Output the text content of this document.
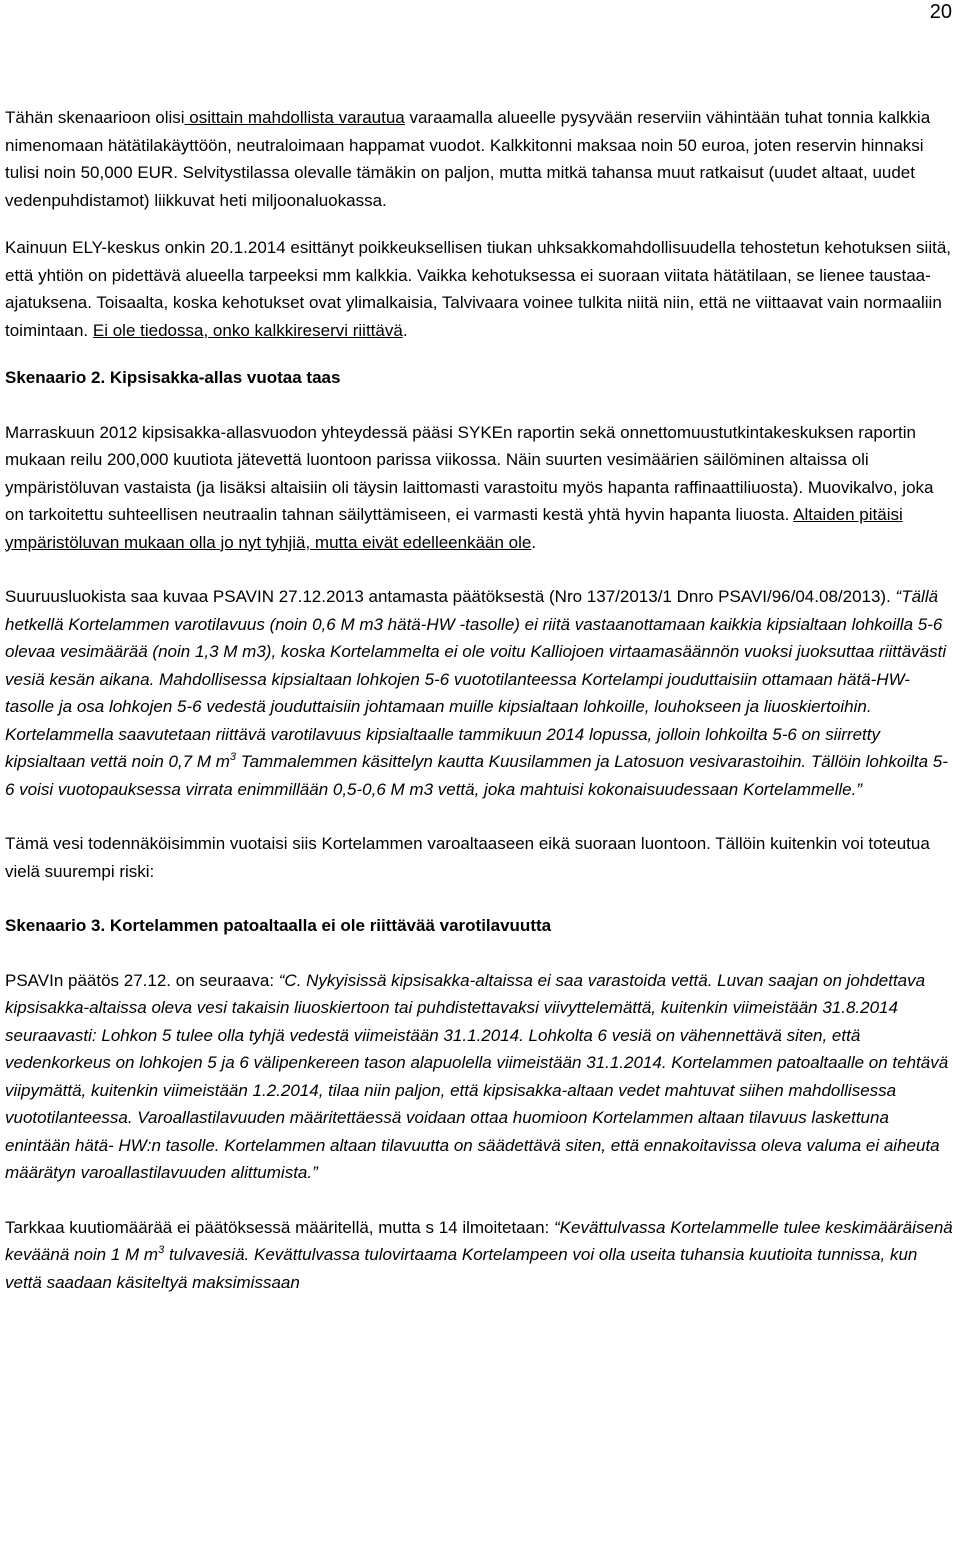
20

Tähän skenaarioon olisi osittain mahdollista varautua varaamalla alueelle pysyvään reserviin vähintään tuhat tonnia kalkkia nimenomaan hätätilakäyttöön, neutraloimaan happamat vuodot. Kalkkitonni maksaa noin 50 euroa, joten reservin hinnaksi tulisi noin 50,000 EUR. Selvitystilassa olevalle tämäkin on paljon, mutta mitkä tahansa muut ratkaisut (uudet altaat, uudet vedenpuhdistamot) liikkuvat heti miljoonaluokassa.

Kainuun ELY-keskus onkin 20.1.2014 esittänyt poikkeuksellisen tiukan uhksakkomahdollisuudella tehostetun kehotuksen siitä, että yhtiön on pidettävä alueella tarpeeksi mm kalkkia. Vaikka kehotuksessa ei suoraan viitata hätätilaan, se lienee taustaa-ajatuksena. Toisaalta, koska kehotukset ovat ylimalkaisia, Talvivaara voinee tulkita niitä niin, että ne viittaavat vain normaaliin toimintaan. Ei ole tiedossa, onko kalkkireservi riittävä.

Skenaario 2. Kipsisakka-allas vuotaa taas

Marraskuun 2012 kipsisakka-allasvuodon yhteydessä pääsi SYKEn raportin sekä onnettomuustutkintakeskuksen raportin mukaan reilu 200,000 kuutiota jätevettä luontoon parissa viikossa. Näin suurten vesimäärien säilöminen altaissa oli ympäristöluvan vastaista (ja lisäksi altaisiin oli täysin laittomasti varastoitu myös hapanta raffinaattiliuosta). Muovikalvo, joka on tarkoitettu suhteellisen neutraalin tahnan säilyttämiseen, ei varmasti kestä yhtä hyvin hapanta liuosta. Altaiden pitäisi ympäristöluvan mukaan olla jo nyt tyhjiä, mutta eivät edelleenkään ole.

Suuruusluokista saa kuvaa PSAVIN 27.12.2013 antamasta päätöksestä (Nro 137/2013/1 Dnro PSAVI/96/04.08/2013). “Tällä hetkellä Kortelammen varotilavuus (noin 0,6 M m3 hätä-HW -tasolle) ei riitä vastaanottamaan kaikkia kipsialtaan lohkoilla 5-6 olevaa vesimäärää (noin 1,3 M m3), koska Kortelammelta ei ole voitu Kalliojoen virtaamasäännön vuoksi juoksuttaa riittävästi vesiä kesän aikana. Mahdollisessa kipsialtaan lohkojen 5-6 vuototilanteessa Kortelampi jouduttaisiin ottamaan hätä-HW-tasolle ja osa lohkojen 5-6 vedestä jouduttaisiin johtamaan muille kipsialtaan lohkoille, louhokseen ja liuoskiertoihin. Kortelammella saavutetaan riittävä varotilavuus kipsialtaalle tammikuun 2014 lopussa, jolloin lohkoilta 5-6 on siirretty kipsialtaan vettä noin 0,7 M $m^3$ Tammalemmen käsittelyn kautta Kuusilammen ja Latosuon vesivarastoihin. Tällöin lohkoilta 5-6 voisi vuotopauksessa virrata enimmillään 0,5-0,6 M m3 vettä, joka mahtuisi kokonaisuudessaan Kortelammelle.”

Tämä vesi todennäköisimmin vuotaisi siis Kortelammen varoaltaaseen eikä suoraan luontoon. Tällöin kuitenkin voi toteutua vielä suurempi riski:

Skenaario 3. Kortelammen patoaltaalla ei ole riittävää varotilavuutta

PSAVIn päätös 27.12. on seuraava: “C. Nykyisissä kipsisakka-altaissa ei saa varastoida vettä. Luvan saajan on johdettava kipsisakka-altaissa oleva vesi takaisin liuoskiertoon tai puhdistettavaksi viivyttelemättä, kuitenkin viimeistään 31.8.2014 seuraavasti: Lohkon 5 tulee olla tyhjä vedestä viimeistään 31.1.2014. Lohkolta 6 vesiä on vähennettävä siten, että vedenkorkeus on lohkojen 5 ja 6 välipenkereen tason alapuolella viimeistään 31.1.2014. Kortelammen patoaltaalle on tehtävä viipymättä, kuitenkin viimeistään 1.2.2014, tilaa niin paljon, että kipsisakka-altaan vedet mahtuvat siihen mahdollisessa vuototilanteessa. Varoallastilavuuden määritettäessä voidaan ottaa huomioon Kortelammen altaan tilavuus laskettuna enintään hätä- HW:n tasolle. Kortelammen altaan tilavuutta on säädettävä siten, että ennakoitavissa oleva valuma ei aiheuta määrätyn varoallastilavuuden alittumista.”

Tarkkaa kuutiomäärää ei päätöksessä määritellä, mutta s 14 ilmoitetaan: “Kevättulvassa Kortelammelle tulee keskimääräisenä keväänä noin 1 M $m^3$ tulvavesiä. Kevättulvassa tulovirtaama Kortelampeen voi olla useita tuhansia kuutioita tunnissa, kun vettä saadaan käsiteltyä maksimissaan
